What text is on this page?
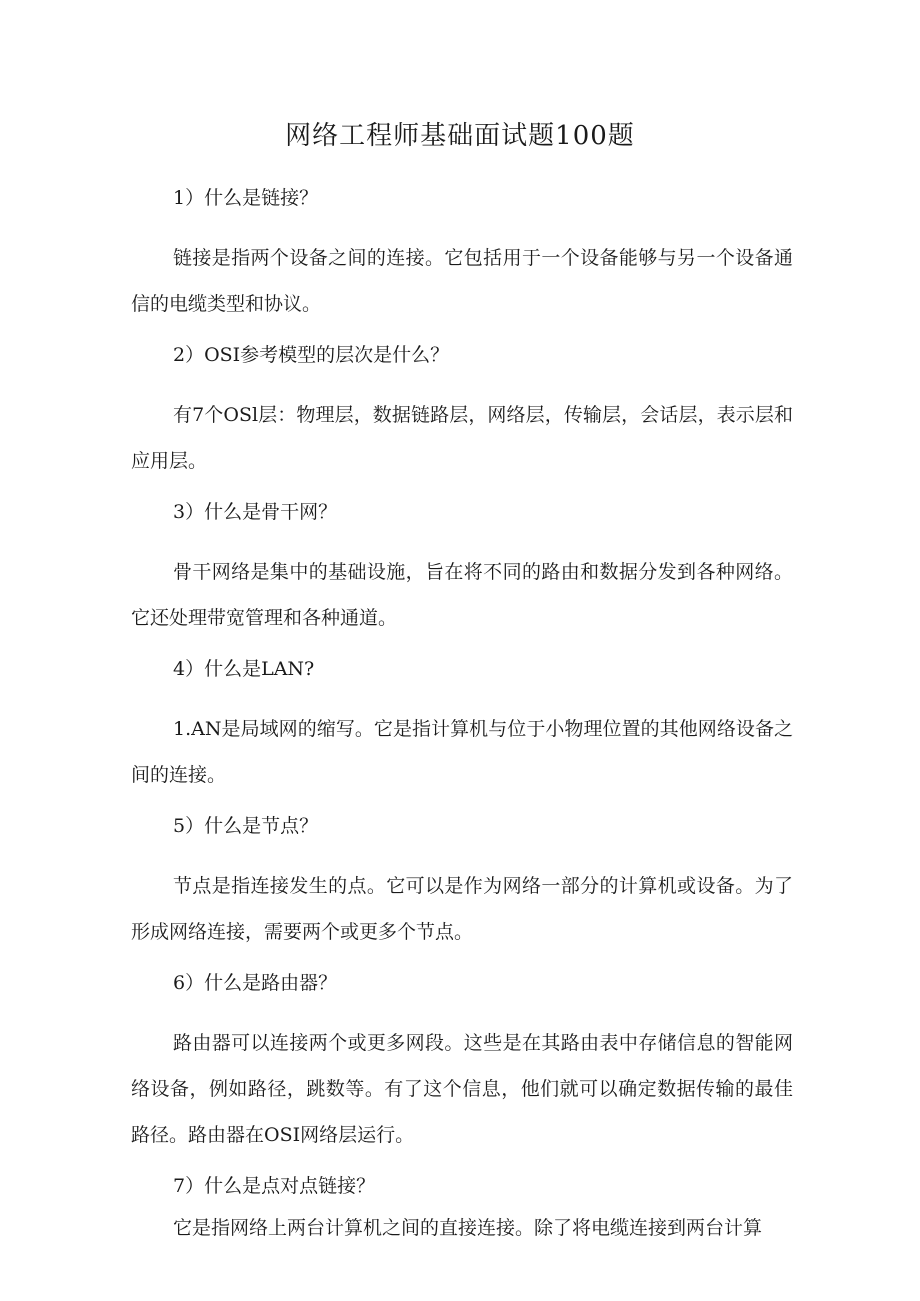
网络工程师基础面试题100题

1）什么是链接？

链接是指两个设备之间的连接。它包括用于一个设备能够与另一个设备通信的电缆类型和协议。

2）OSI参考模型的层次是什么？

有7个OSl层：物理层，数据链路层，网络层，传输层，会话层，表示层和应用层。

3）什么是骨干网？

骨干网络是集中的基础设施，旨在将不同的路由和数据分发到各种网络。它还处理带宽管理和各种通道。

4）什么是LAN?

1.AN是局域网的缩写。它是指计算机与位于小物理位置的其他网络设备之间的连接。

5）什么是节点？

节点是指连接发生的点。它可以是作为网络一部分的计算机或设备。为了形成网络连接，需要两个或更多个节点。

6）什么是路由器？

路由器可以连接两个或更多网段。这些是在其路由表中存储信息的智能网络设备，例如路径，跳数等。有了这个信息，他们就可以确定数据传输的最佳路径。路由器在OSI网络层运行。

7）什么是点对点链接？

它是指网络上两台计算机之间的直接连接。除了将电缆连接到两台计算
